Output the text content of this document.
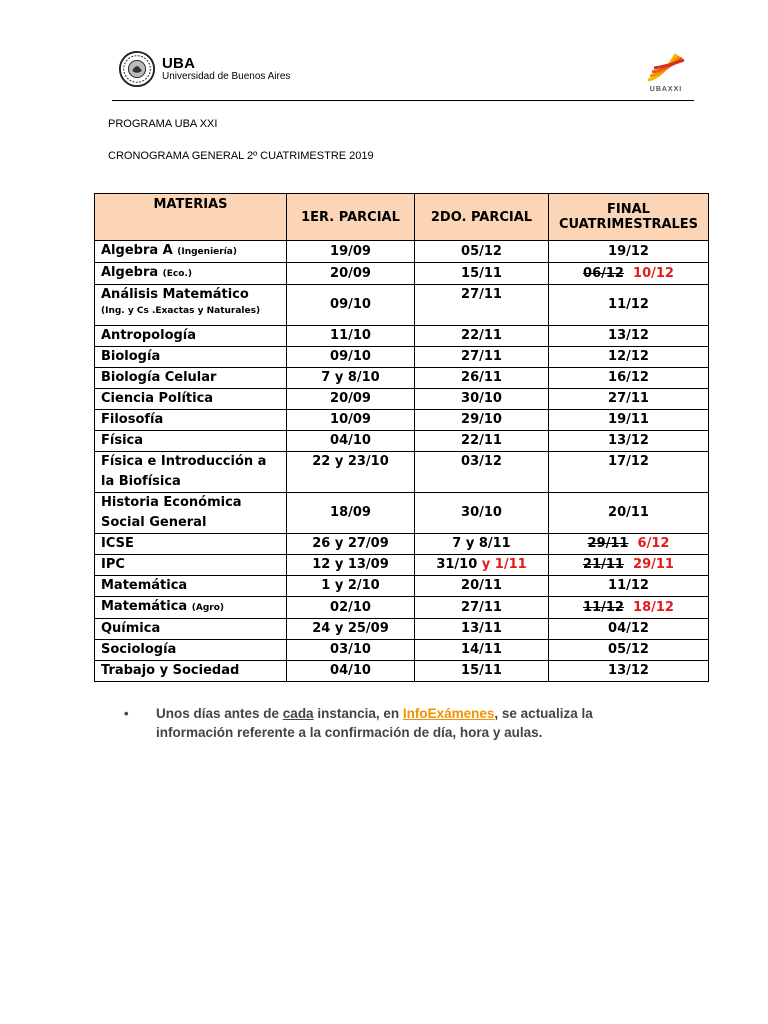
UBA
Universidad de Buenos Aires
UBAXXI
PROGRAMA UBA XXI
CRONOGRAMA GENERAL 2º CUATRIMESTRE 2019
MATERIAS	1ER. PARCIAL	2DO. PARCIAL	FINAL CUATRIMESTRALES
Algebra A (Ingeniería)	19/09	05/12	19/12
Algebra (Eco.)	20/09	15/11	06/12 10/12
Análisis Matemático
(Ing. y Cs .Exactas y Naturales)	09/10	27/11	11/12
Antropología	11/10	22/11	13/12
Biología	09/10	27/11	12/12
Biología Celular	7 y 8/10	26/11	16/12
Ciencia Política	20/09	30/10	27/11
Filosofía	10/09	29/10	19/11
Física	04/10	22/11	13/12
Física e Introducción a
la Biofísica	22 y 23/10	03/12	17/12
Historia Económica
Social General	18/09	30/10	20/11
ICSE	26 y 27/09	7 y 8/11	29/11 6/12
IPC	12 y 13/09	31/10 y 1/11	21/11 29/11
Matemática	1 y 2/10	20/11	11/12
Matemática (Agro)	02/10	27/11	11/12 18/12
Química	24 y 25/09	13/11	04/12
Sociología	03/10	14/11	05/12
Trabajo y Sociedad	04/10	15/11	13/12
•	Unos días antes de cada instancia, en InfoExámenes, se actualiza la información referente a la confirmación de día, hora y aulas.
